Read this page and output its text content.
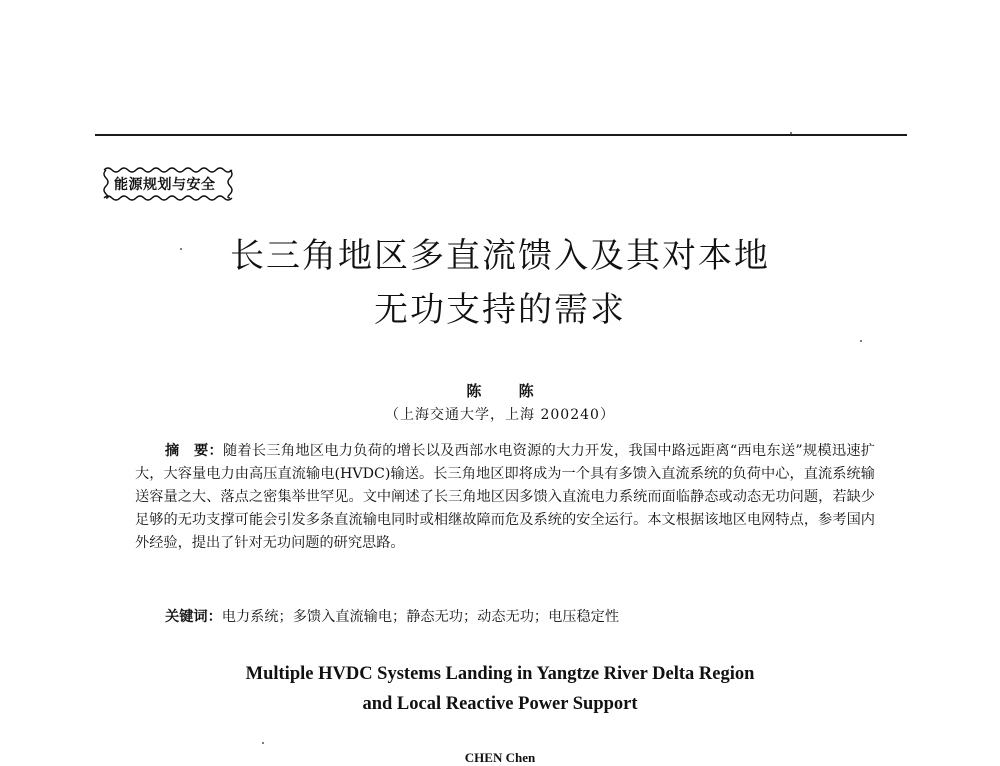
能源规划与安全
长三角地区多直流馈入及其对本地
无功支持的需求
陈 陈
（上海交通大学，上海 200240）
摘　要：随着长三角地区电力负荷的增长以及西部水电资源的大力开发，我国中路远距离“西电东送”规模迅速扩大，大容量电力由高压直流输电(HVDC)输送。长三角地区即将成为一个具有多馈入直流系统的负荷中心，直流系统输送容量之大、落点之密集举世罕见。文中阐述了长三角地区因多馈入直流电力系统而面临静态或动态无功问题，若缺少足够的无功支撑可能会引发多条直流输电同时或相继故障而危及系统的安全运行。本文根据该地区电网特点，参考国内外经验，提出了针对无功问题的研究思路。
关键词：电力系统；多馈入直流输电；静态无功；动态无功；电压稳定性
Multiple HVDC Systems Landing in Yangtze River Delta Region
and Local Reactive Power Support
CHEN Chen
